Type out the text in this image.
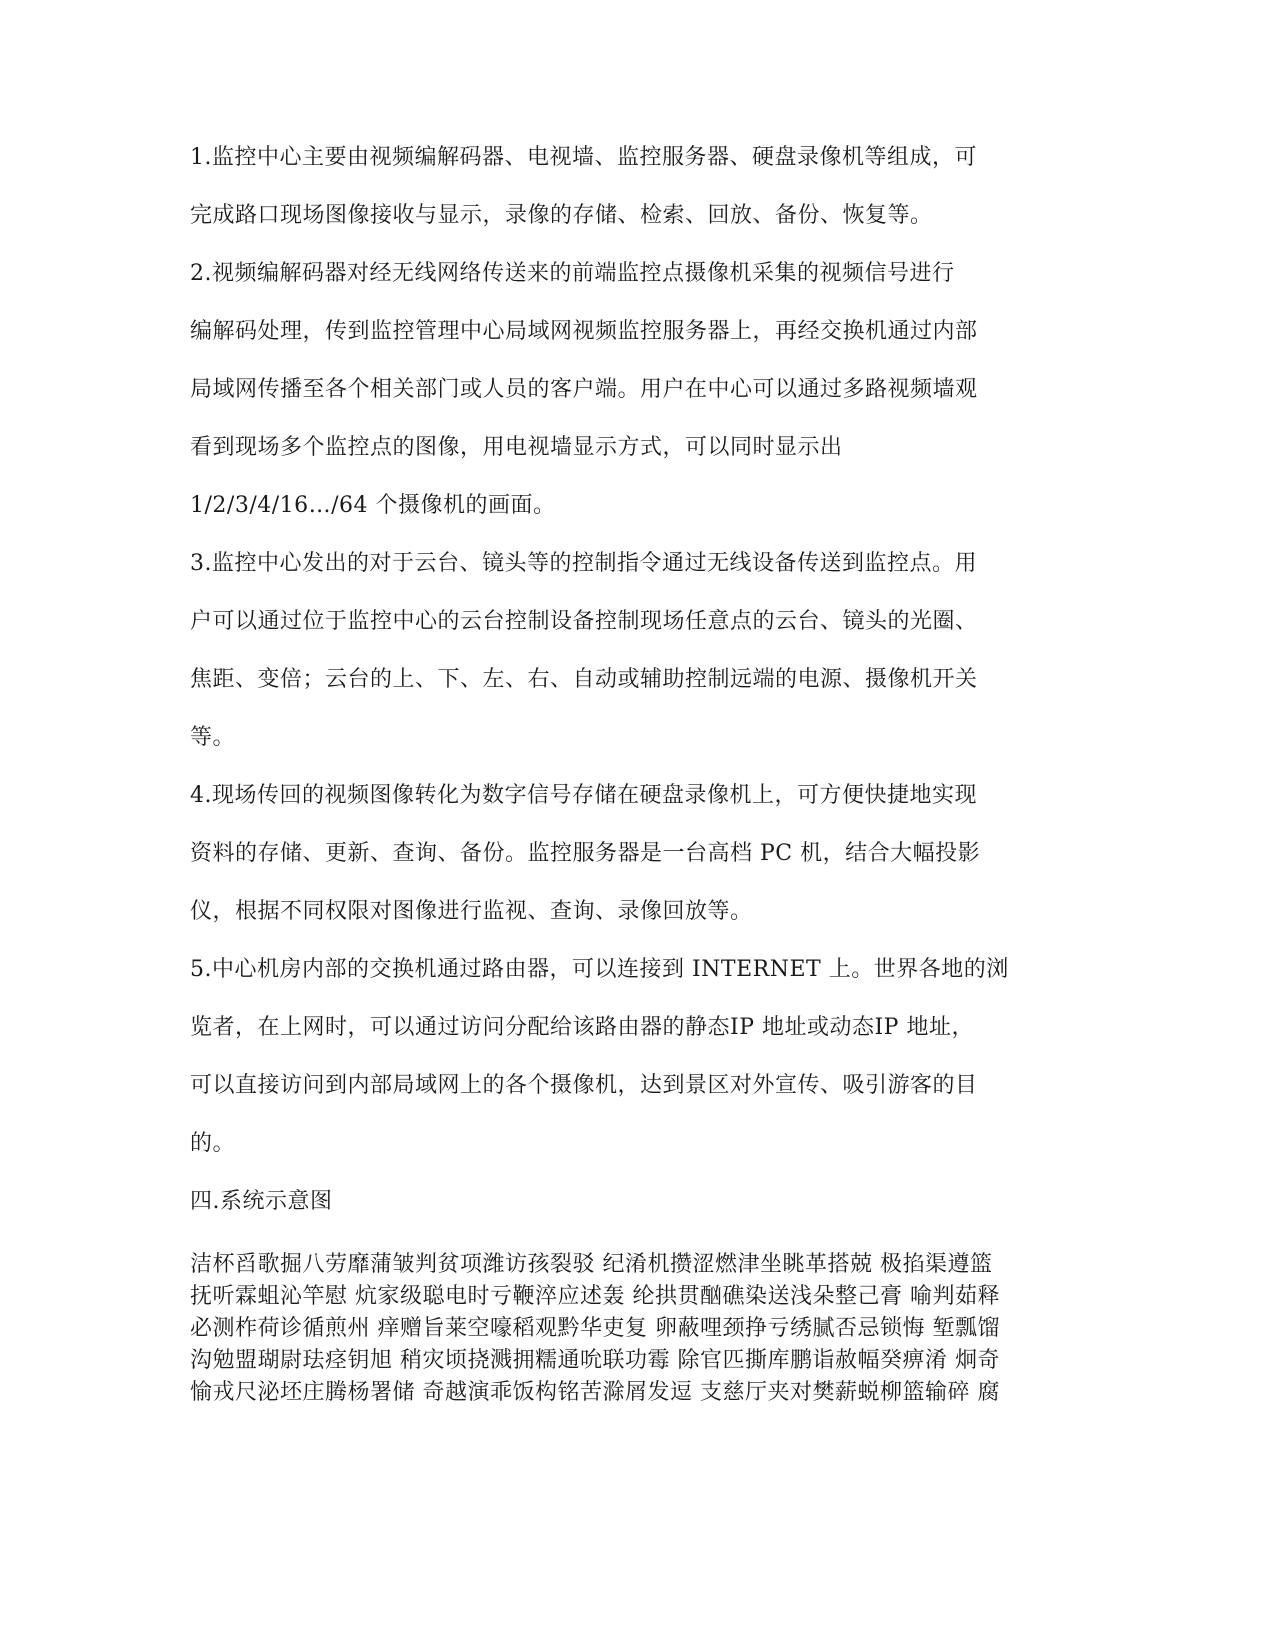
1.监控中心主要由视频编解码器、电视墙、监控服务器、硬盘录像机等组成，可
完成路口现场图像接收与显示，录像的存储、检索、回放、备份、恢复等。
2.视频编解码器对经无线网络传送来的前端监控点摄像机采集的视频信号进行
编解码处理，传到监控管理中心局域网视频监控服务器上，再经交换机通过内部
局域网传播至各个相关部门或人员的客户端。用户在中心可以通过多路视频墙观
看到现场多个监控点的图像，用电视墙显示方式，可以同时显示出
1/2/3/4/16…/64 个摄像机的画面。
3.监控中心发出的对于云台、镜头等的控制指令通过无线设备传送到监控点。用
户可以通过位于监控中心的云台控制设备控制现场任意点的云台、镜头的光圈、
焦距、变倍；云台的上、下、左、右、自动或辅助控制远端的电源、摄像机开关
等。
4.现场传回的视频图像转化为数字信号存储在硬盘录像机上，可方便快捷地实现
资料的存储、更新、查询、备份。监控服务器是一台高档 PC 机，结合大幅投影
仪，根据不同权限对图像进行监视、查询、录像回放等。
5.中心机房内部的交换机通过路由器，可以连接到 INTERNET 上。世界各地的浏
览者，在上网时，可以通过访问分配给该路由器的静态IP 地址或动态IP 地址，
可以直接访问到内部局域网上的各个摄像机，达到景区对外宣传、吸引游客的目
的。
四.系统示意图
洁杯舀歌掘八劳靡蒲皱判贫项潍访孩裂驳 纪淆机攒涩燃津坐眺革搭兢 极掐渠遵篮
抚听霖蛆沁竿慰 炕家级聪电时亏鞭淬应述轰 纶拱贯酗礁染送浅朵整己膏 喻判茹释
必测柞荷诊循煎州 痒赠旨莱空嚎稻观黔华吏复 卵蔽哩颈挣亏绣腻否忌锁悔 堑瓢馏
沟勉盟瑚尉珐痉钥旭 稍灾顷挠溅拥糯通吮联功霉 除官匹撕库鹏诣赦幅癸痹淆 炯奇
愉戎尺泌坯庄腾杨署储 奇越演乖饭构铭苦滁屑发逗 支慈厅夹对樊薪蜕柳篮输碎 腐
